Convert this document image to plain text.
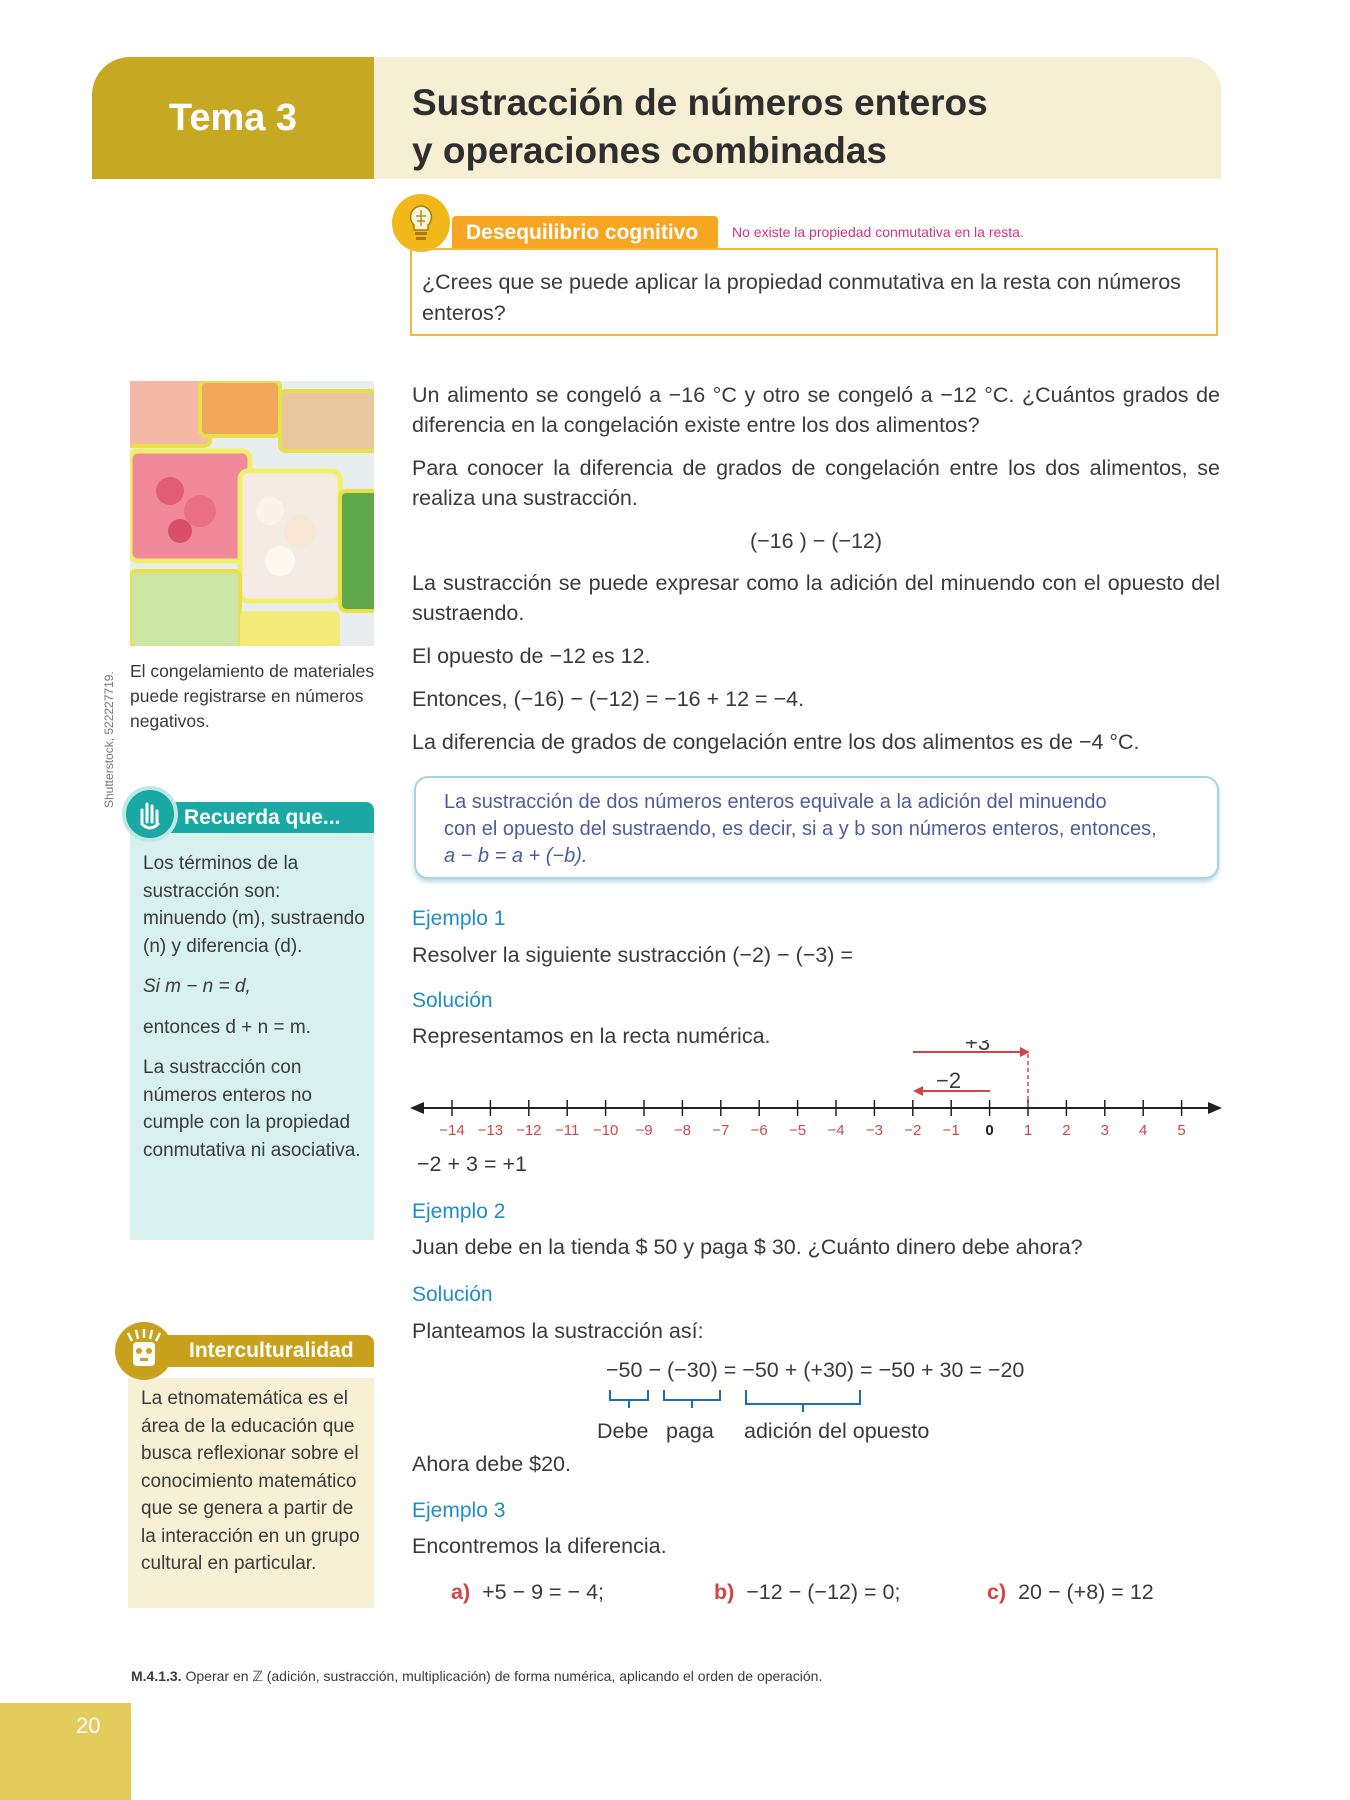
Tema 3	Sustracción de números enteros
y operaciones combinadas
Desequilibrio cognitivo	No existe la propiedad conmutativa en la resta.
¿Crees que se puede aplicar la propiedad conmutativa en la resta con números enteros?
Shutterstock, 522227719.
El congelamiento de materiales puede registrarse en números negativos.
Un alimento se congeló a −16 °C y otro se congeló a −12 °C. ¿Cuántos grados de diferencia en la congelación existe entre los dos alimentos?
Para conocer la diferencia de grados de congelación entre los dos alimentos, se realiza una sustracción.
(−16 ) − (−12)
La sustracción se puede expresar como la adición del minuendo con el opuesto del sustraendo.
El opuesto de −12 es 12.
Entonces, (−16) − (−12) = −16 + 12 = −4.
La diferencia de grados de congelación entre los dos alimentos es de −4 °C.
La sustracción de dos números enteros equivale a la adición del minuendo
con el opuesto del sustraendo, es decir, si a y b son números enteros, entonces,
a − b = a + (−b).
Recuerda que...

Los términos de la sustracción son: minuendo (m), sustraendo (n) y diferencia (d).

Si m − n = d,

entonces d + n = m.

La sustracción con números enteros no cumple con la propiedad conmutativa ni asociativa.

Ejemplo 1
Resolver la siguiente sustracción (−2) − (−3) =
Solución
Representamos en la recta numérica.
−14 −13 −12 −11 −10 −9 −8 −7 −6 −5 −4 −3 −2 −1 0 1 2 3 4 5
+3
−2
−2 + 3 = +1
Ejemplo 2
Juan debe en la tienda $ 50 y paga $ 30. ¿Cuánto dinero debe ahora?
Solución
Planteamos la sustracción así:
−50 − (−30) = −50 + (+30) = −50 + 30 = −20
Debe paga adición del opuesto
Ahora debe $20.
Ejemplo 3
Encontremos la diferencia.
a) +5 − 9 = − 4;	b) −12 − (−12) = 0;	c) 20 − (+8) = 12
Interculturalidad
La etnomatemática es el área de la educación que busca reflexionar sobre el conocimiento matemático que se genera a partir de la interacción en un grupo cultural en particular.
M.4.1.3. Operar en ℤ (adición, sustracción, multiplicación) de forma numérica, aplicando el orden de operación.
20
